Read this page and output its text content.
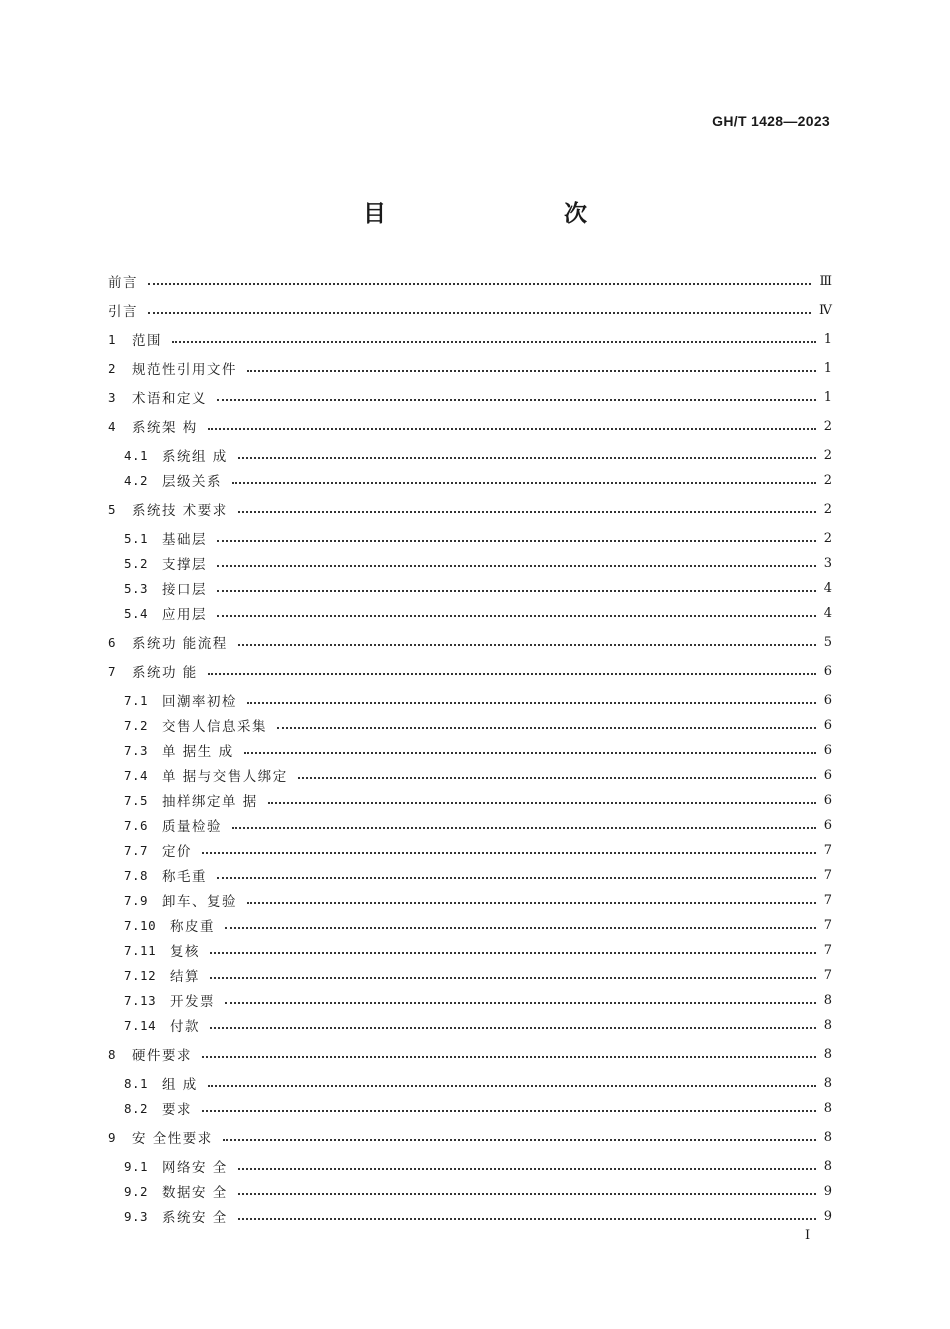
GH/T 1428—2023
目　　次
前言	Ⅲ
引言	Ⅳ
1	范围	1
2	规范性引用文件	1
3	术语和定义	1
4	系统架 构	2
4.1	系统组 成	2
4.2	层级关系	2
5	系统技 术要求	2
5.1	基础层	2
5.2	支撑层	3
5.3	接口层	4
5.4	应用层	4
6	系统功 能流程	5
7	系统功 能	6
7.1	回潮率初检	6
7.2	交售人信息采集	6
7.3	单 据生 成	6
7.4	单 据与交售人绑定	6
7.5	抽样绑定单 据	6
7.6	质量检验	6
7.7	定价	7
7.8	称毛重	7
7.9	卸车、复验	7
7.10	称皮重	7
7.11	复核	7
7.12	结算	7
7.13	开发票	8
7.14	付款	8
8	硬件要求	8
8.1	组 成	8
8.2	要求	8
9	安 全性要求	8
9.1	网络安 全	8
9.2	数据安 全	9
9.3	系统安 全	9
I
